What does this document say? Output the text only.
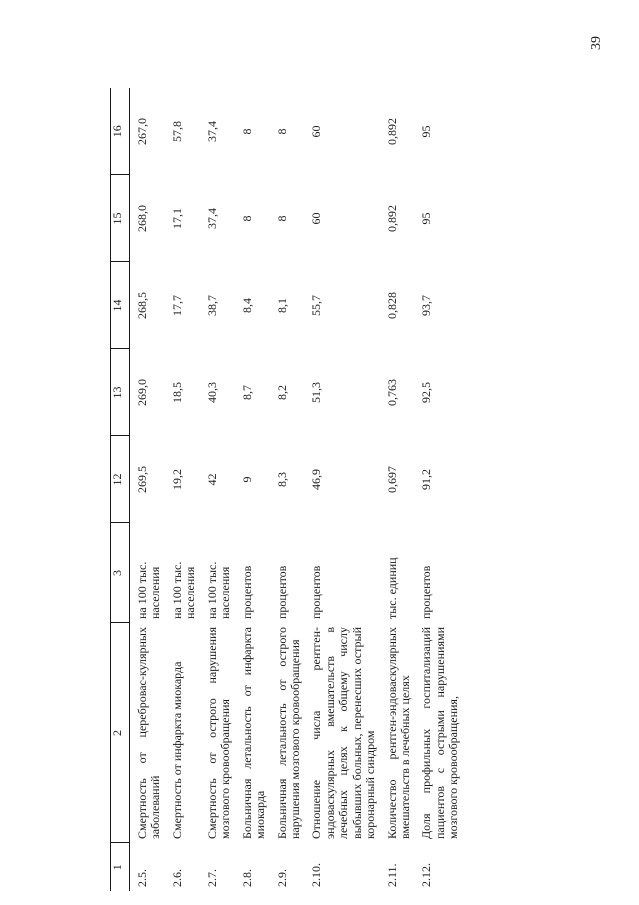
39
1	2	3	12	13	14	15	16
2.5.	Смертность от цереброваc-кулярных заболеваний	на 100 тыс. населения	269,5	269,0	268,5	268,0	267,0
2.6.	Смертность от инфаркта миокарда	на 100 тыс. населения	19,2	18,5	17,7	17,1	57,8
2.7.	Смертность от острого нарушения мозгового кровообращения	на 100 тыс. населения	42	40,3	38,7	37,4	37,4
2.8.	Больничная летальность от инфаркта миокарда	процентов	9	8,7	8,4	8	8
2.9.	Больничная летальность от острого нарушения мозгового кровообращения	процентов	8,3	8,2	8,1	8	8
2.10.	Отношение числа рентген-эндоваскулярных вмешательств в лечебных целях к общему числу выбывших больных, перенесших острый коронарный синдром	процентов	46,9	51,3	55,7	60	60
2.11.	Количество рентген-эндоваскулярных вмешательств в лечебных целях	тыс. единиц	0,697	0,763	0,828	0,892	0,892
2.12.	Доля профильных госпитализаций пациентов с острыми нарушениями мозгового кровообращения,	процентов	91,2	92,5	93,7	95	95
